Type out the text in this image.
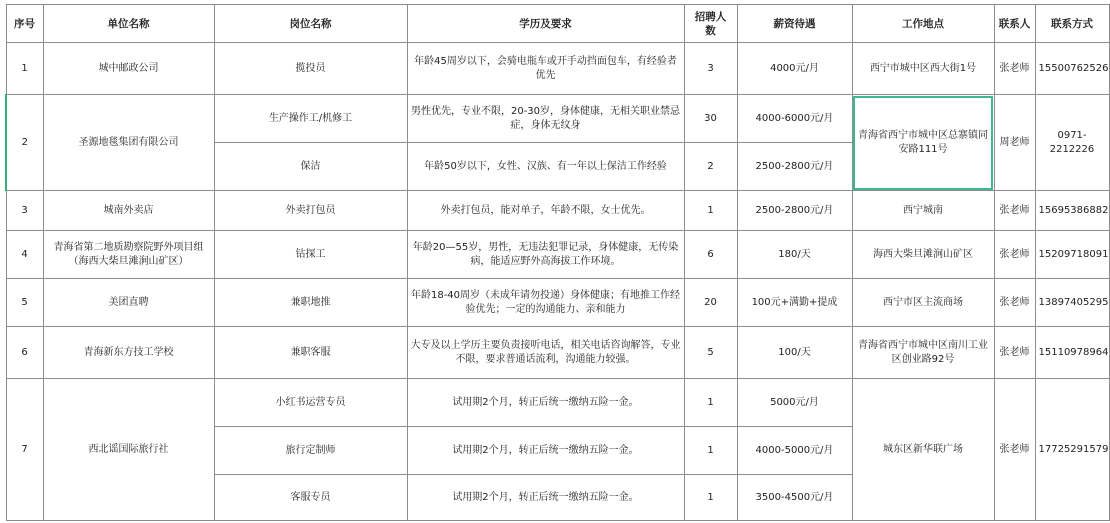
序号	单位名称	岗位名称	学历及要求	招聘人数	薪资待遇	工作地点	联系人	联系方式
1	城中邮政公司	揽投员	年龄45周岁以下，会骑电瓶车或开手动挡面包车，有经验者优先	3	4000元/月	西宁市城中区西大街1号	张老师	15500762526
2	圣源地毯集团有限公司	生产操作工/机修工	男性优先，专业不限，20-30岁，身体健康，无相关职业禁忌症，身体无纹身	30	4000-6000元/月	青海省西宁市城中区总寨镇同安路111号	周老师	0971-2212226
		保洁	年龄50岁以下，女性、汉族、有一年以上保洁工作经验	2	2500-2800元/月			
3	城南外卖店	外卖打包员	外卖打包员，能对单子，年龄不限，女士优先。	1	2500-2800元/月	西宁城南	张老师	15695386882
4	青海省第二地质勘察院野外项目组（海西大柴旦滩涧山矿区）	钻探工	年龄20—55岁，男性，无违法犯罪记录，身体健康，无传染病，能适应野外高海拔工作环境。	6	180/天	海西大柴旦滩涧山矿区	张老师	15209718091
5	美团直聘	兼职地推	年龄18-40周岁（未成年请勿投递）身体健康；有地推工作经验优先；一定的沟通能力、亲和能力	20	100元+满勤+提成	西宁市区主流商场	张老师	13897405295
6	青海新东方技工学校	兼职客服	大专及以上学历主要负责接听电话，相关电话咨询解答，专业不限，要求普通话流利，沟通能力较强。	5	100/天	青海省西宁市城中区南川工业区创业路92号	张老师	15110978964
7	西北谣国际旅行社	小红书运营专员	试用期2个月，转正后统一缴纳五险一金。	1	5000元/月	城东区新华联广场	张老师	17725291579
		旅行定制师	试用期2个月，转正后统一缴纳五险一金。	1	4000-5000元/月			
		客服专员	试用期2个月，转正后统一缴纳五险一金。	1	3500-4500元/月			
